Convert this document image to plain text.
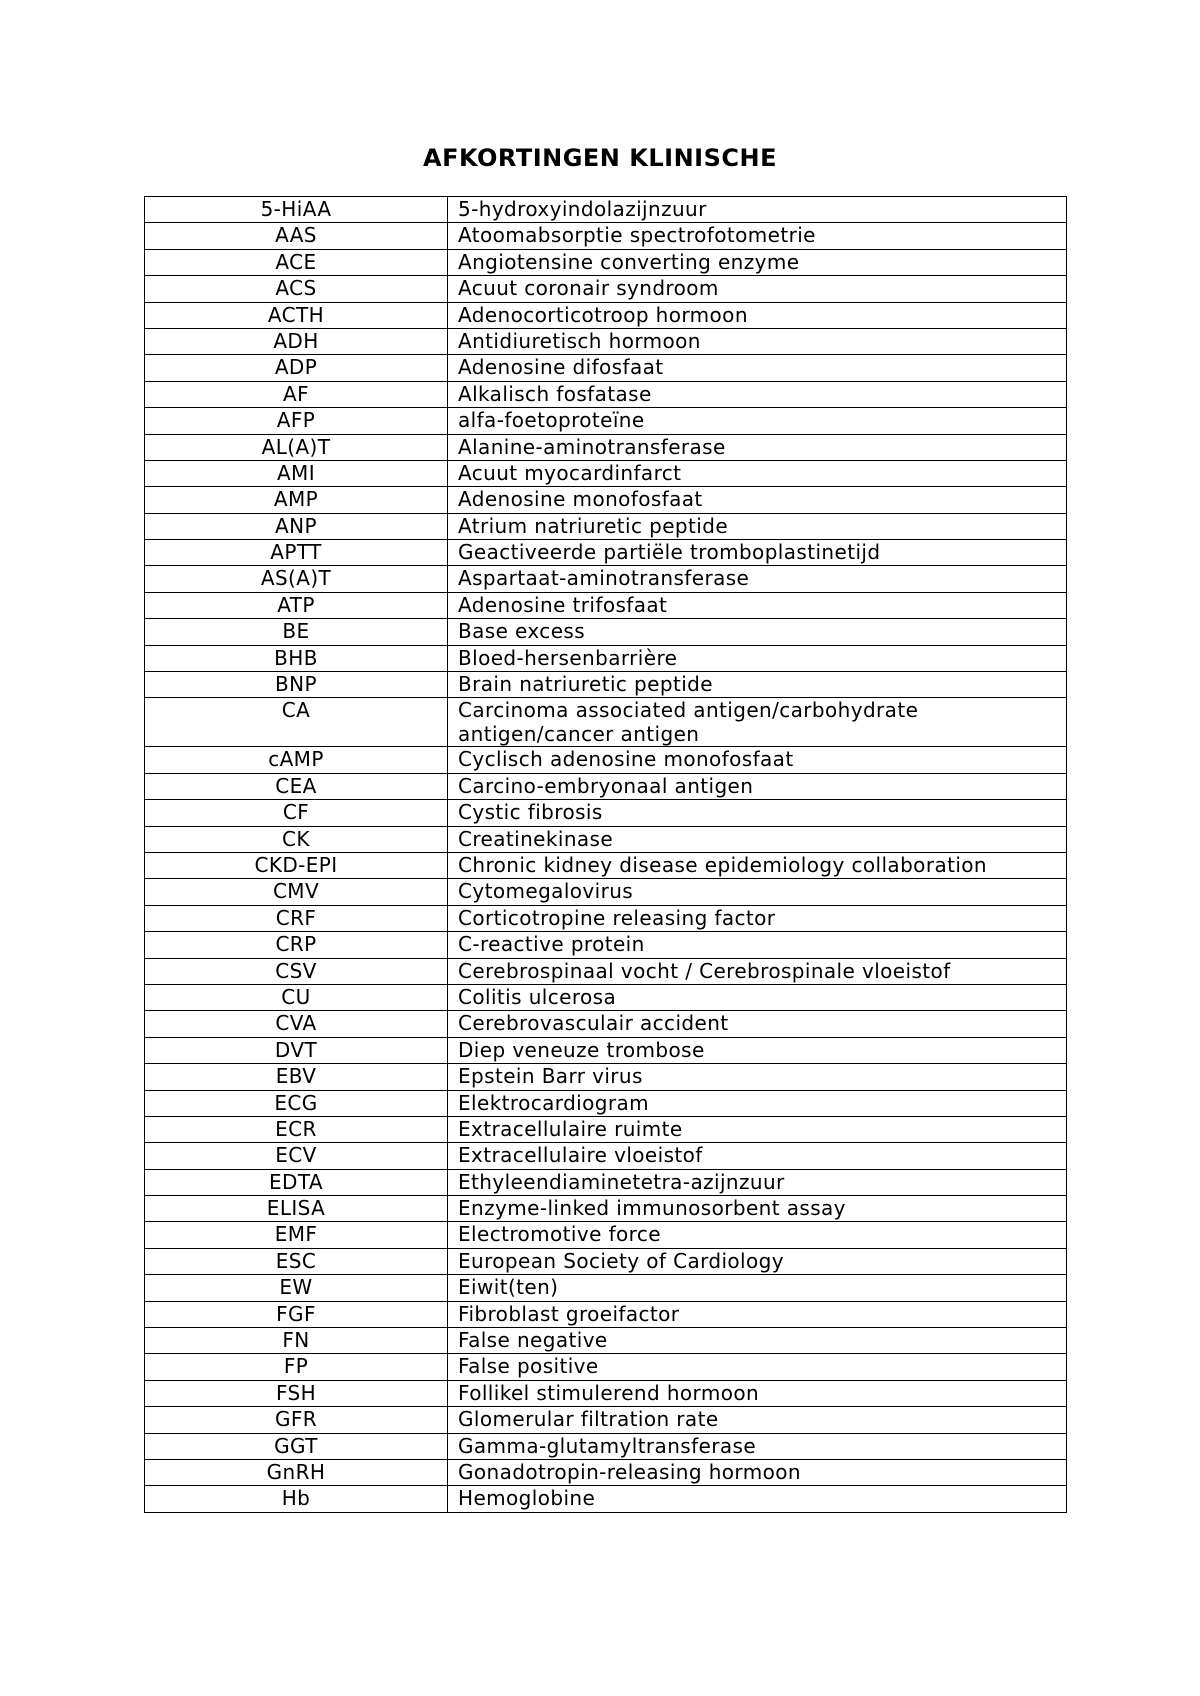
AFKORTINGEN KLINISCHE
5-HiAA	5-hydroxyindolazijnzuur
AAS	Atoomabsorptie spectrofotometrie
ACE	Angiotensine converting enzyme
ACS	Acuut coronair syndroom
ACTH	Adenocorticotroop hormoon
ADH	Antidiuretisch hormoon
ADP	Adenosine difosfaat
AF	Alkalisch fosfatase
AFP	alfa-foetoproteïne
AL(A)T	Alanine-aminotransferase
AMI	Acuut myocardinfarct
AMP	Adenosine monofosfaat
ANP	Atrium natriuretic peptide
APTT	Geactiveerde partiële tromboplastinetijd
AS(A)T	Aspartaat-aminotransferase
ATP	Adenosine trifosfaat
BE	Base excess
BHB	Bloed-hersenbarrière
BNP	Brain natriuretic peptide
CA	Carcinoma associated antigen/carbohydrate antigen/cancer antigen
cAMP	Cyclisch adenosine monofosfaat
CEA	Carcino-embryonaal antigen
CF	Cystic fibrosis
CK	Creatinekinase
CKD-EPI	Chronic kidney disease epidemiology collaboration
CMV	Cytomegalovirus
CRF	Corticotropine releasing factor
CRP	C-reactive protein
CSV	Cerebrospinaal vocht / Cerebrospinale vloeistof
CU	Colitis ulcerosa
CVA	Cerebrovasculair accident
DVT	Diep veneuze trombose
EBV	Epstein Barr virus
ECG	Elektrocardiogram
ECR	Extracellulaire ruimte
ECV	Extracellulaire vloeistof
EDTA	Ethyleendiaminetetra-azijnzuur
ELISA	Enzyme-linked immunosorbent assay
EMF	Electromotive force
ESC	European Society of Cardiology
EW	Eiwit(ten)
FGF	Fibroblast groeifactor
FN	False negative
FP	False positive
FSH	Follikel stimulerend hormoon
GFR	Glomerular filtration rate
GGT	Gamma-glutamyltransferase
GnRH	Gonadotropin-releasing hormoon
Hb	Hemoglobine
